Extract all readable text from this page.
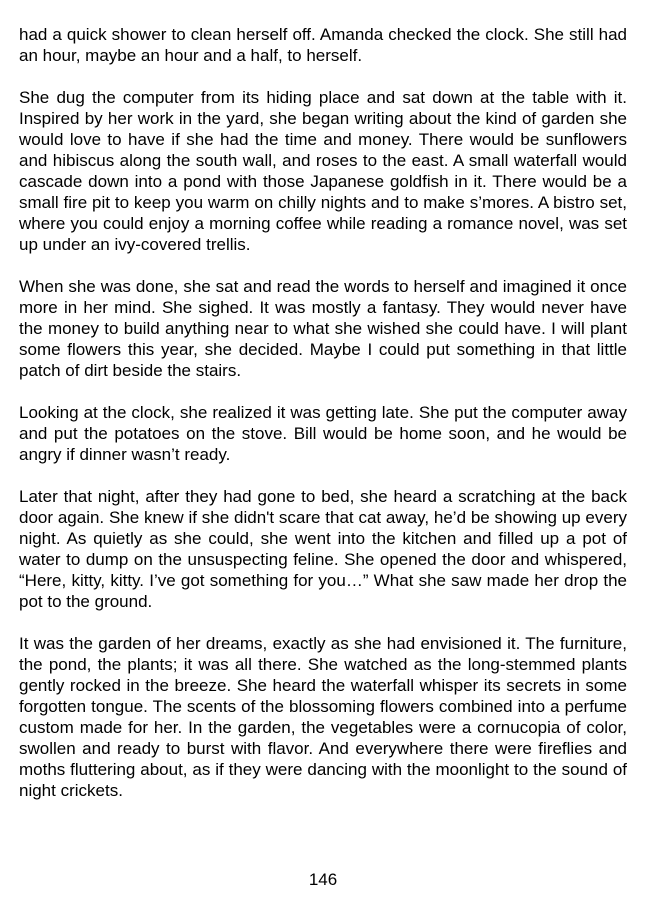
had a quick shower to clean herself off. Amanda checked the clock. She still had an hour, maybe an hour and a half, to herself.

She dug the computer from its hiding place and sat down at the table with it. Inspired by her work in the yard, she began writing about the kind of garden she would love to have if she had the time and money. There would be sunflowers and hibiscus along the south wall, and roses to the east. A small waterfall would cascade down into a pond with those Japanese goldfish in it. There would be a small fire pit to keep you warm on chilly nights and to make s’mores. A bistro set, where you could enjoy a morning coffee while reading a romance novel, was set up under an ivy-covered trellis.

When she was done, she sat and read the words to herself and imagined it once more in her mind. She sighed. It was mostly a fantasy. They would never have the money to build anything near to what she wished she could have. I will plant some flowers this year, she decided. Maybe I could put something in that little patch of dirt beside the stairs.

Looking at the clock, she realized it was getting late. She put the computer away and put the potatoes on the stove. Bill would be home soon, and he would be angry if dinner wasn’t ready.

Later that night, after they had gone to bed, she heard a scratching at the back door again. She knew if she didn't scare that cat away, he’d be showing up every night. As quietly as she could, she went into the kitchen and filled up a pot of water to dump on the unsuspecting feline. She opened the door and whispered, “Here, kitty, kitty. I’ve got something for you…” What she saw made her drop the pot to the ground.

It was the garden of her dreams, exactly as she had envisioned it. The furniture, the pond, the plants; it was all there. She watched as the long-stemmed plants gently rocked in the breeze. She heard the waterfall whisper its secrets in some forgotten tongue. The scents of the blossoming flowers combined into a perfume custom made for her. In the garden, the vegetables were a cornucopia of color, swollen and ready to burst with flavor. And everywhere there were fireflies and moths fluttering about, as if they were dancing with the moonlight to the sound of night crickets.

146
